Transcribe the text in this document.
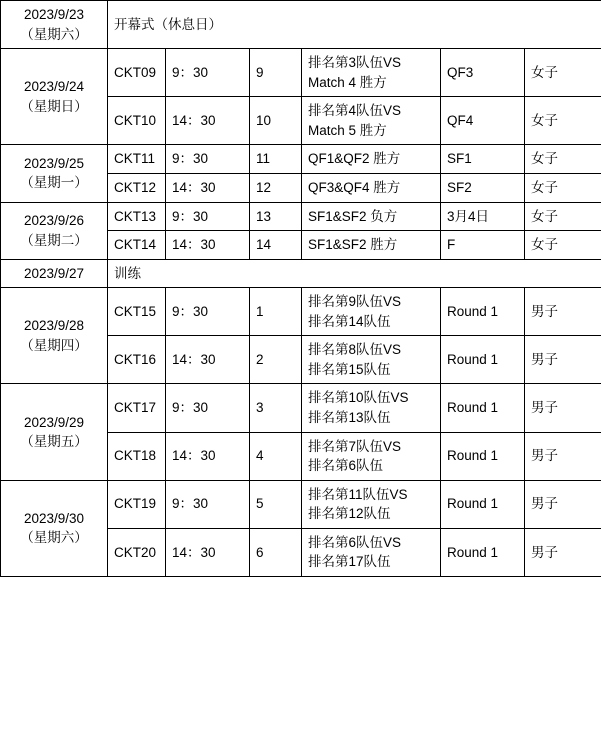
2023/9/23
（星期六）	开幕式（休息日）					

2023/9/24
（星期日）	CKT09	9：30	9	排名第3队伍VS
Match 4 胜方	QF3	女子
	CKT10	14：30	10	排名第4队伍VS
Match 5 胜方	QF4	女子

2023/9/25
（星期一）	CKT11	9：30	11	QF1&QF2 胜方	SF1	女子
	CKT12	14：30	12	QF3&QF4 胜方	SF2	女子

2023/9/26
（星期二）	CKT13	9：30	13	SF1&SF2 负方	3月4日	女子
	CKT14	14：30	14	SF1&SF2 胜方	F	女子

2023/9/27	训练					

2023/9/28
（星期四）	CKT15	9：30	1	排名第9队伍VS
排名第14队伍	Round 1	男子
	CKT16	14：30	2	排名第8队伍VS
排名第15队伍	Round 1	男子

2023/9/29
（星期五）	CKT17	9：30	3	排名第10队伍VS
排名第13队伍	Round 1	男子
	CKT18	14：30	4	排名第7队伍VS
排名第6队伍	Round 1	男子

2023/9/30
（星期六）	CKT19	9：30	5	排名第11队伍VS
排名第12队伍	Round 1	男子
	CKT20	14：30	6	排名第6队伍VS
排名第17队伍	Round 1	男子
